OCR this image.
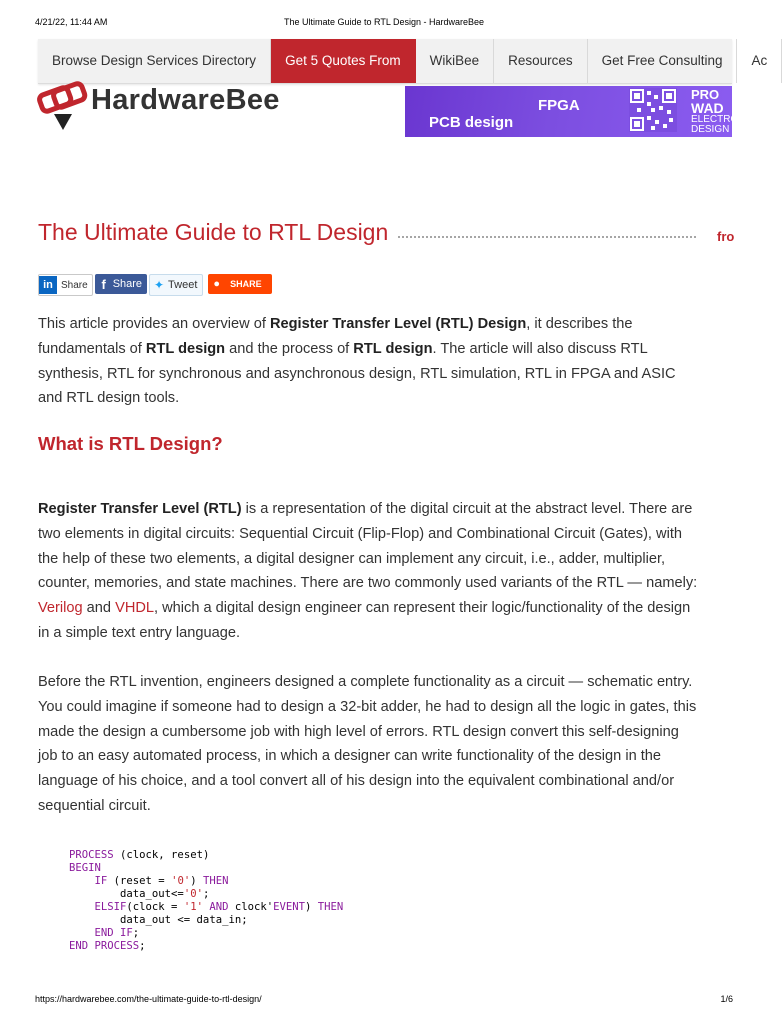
4/21/22, 11:44 AM	The Ultimate Guide to RTL Design - HardwareBee
Browse Design Services Directory	Get 5 Quotes From	WikiBee	Resources	Get Free Consulting	Ac
HardwareBee	FPGA
PCB design
PRO
WAD
ELECTRO
DESIGN
The Ultimate Guide to RTL Design	fro
in Share	f Share ✦ Tweet ● SHARE

This article provides an overview of Register Transfer Level (RTL) Design, it describes the fundamentals of RTL design and the process of RTL design. The article will also discuss RTL synthesis, RTL for synchronous and asynchronous design, RTL simulation, RTL in FPGA and ASIC and RTL design tools.

What is RTL Design?

Register Transfer Level (RTL) is a representation of the digital circuit at the abstract level. There are two elements in digital circuits: Sequential Circuit (Flip-Flop) and Combinational Circuit (Gates), with the help of these two elements, a digital designer can implement any circuit, i.e., adder, multiplier, counter, memories, and state machines. There are two commonly used variants of the RTL — namely: Verilog and VHDL, which a digital design engineer can represent their logic/functionality of the design in a simple text entry language.

Before the RTL invention, engineers designed a complete functionality as a circuit — schematic entry. You could imagine if someone had to design a 32-bit adder, he had to design all the logic in gates, this made the design a cumbersome job with high level of errors. RTL design convert this self-designing job to an easy automated process, in which a designer can write functionality of the design in the language of his choice, and a tool convert all of his design into the equivalent combinational and/or sequential circuit.

PROCESS (clock, reset)
BEGIN
IF (reset = '0') THEN
data_out<='0';
ELSIF(clock = '1' AND clock'EVENT) THEN
data_out <= data_in;
END IF;
END PROCESS;
https://hardwarebee.com/the-ultimate-guide-to-rtl-design/	1/6
